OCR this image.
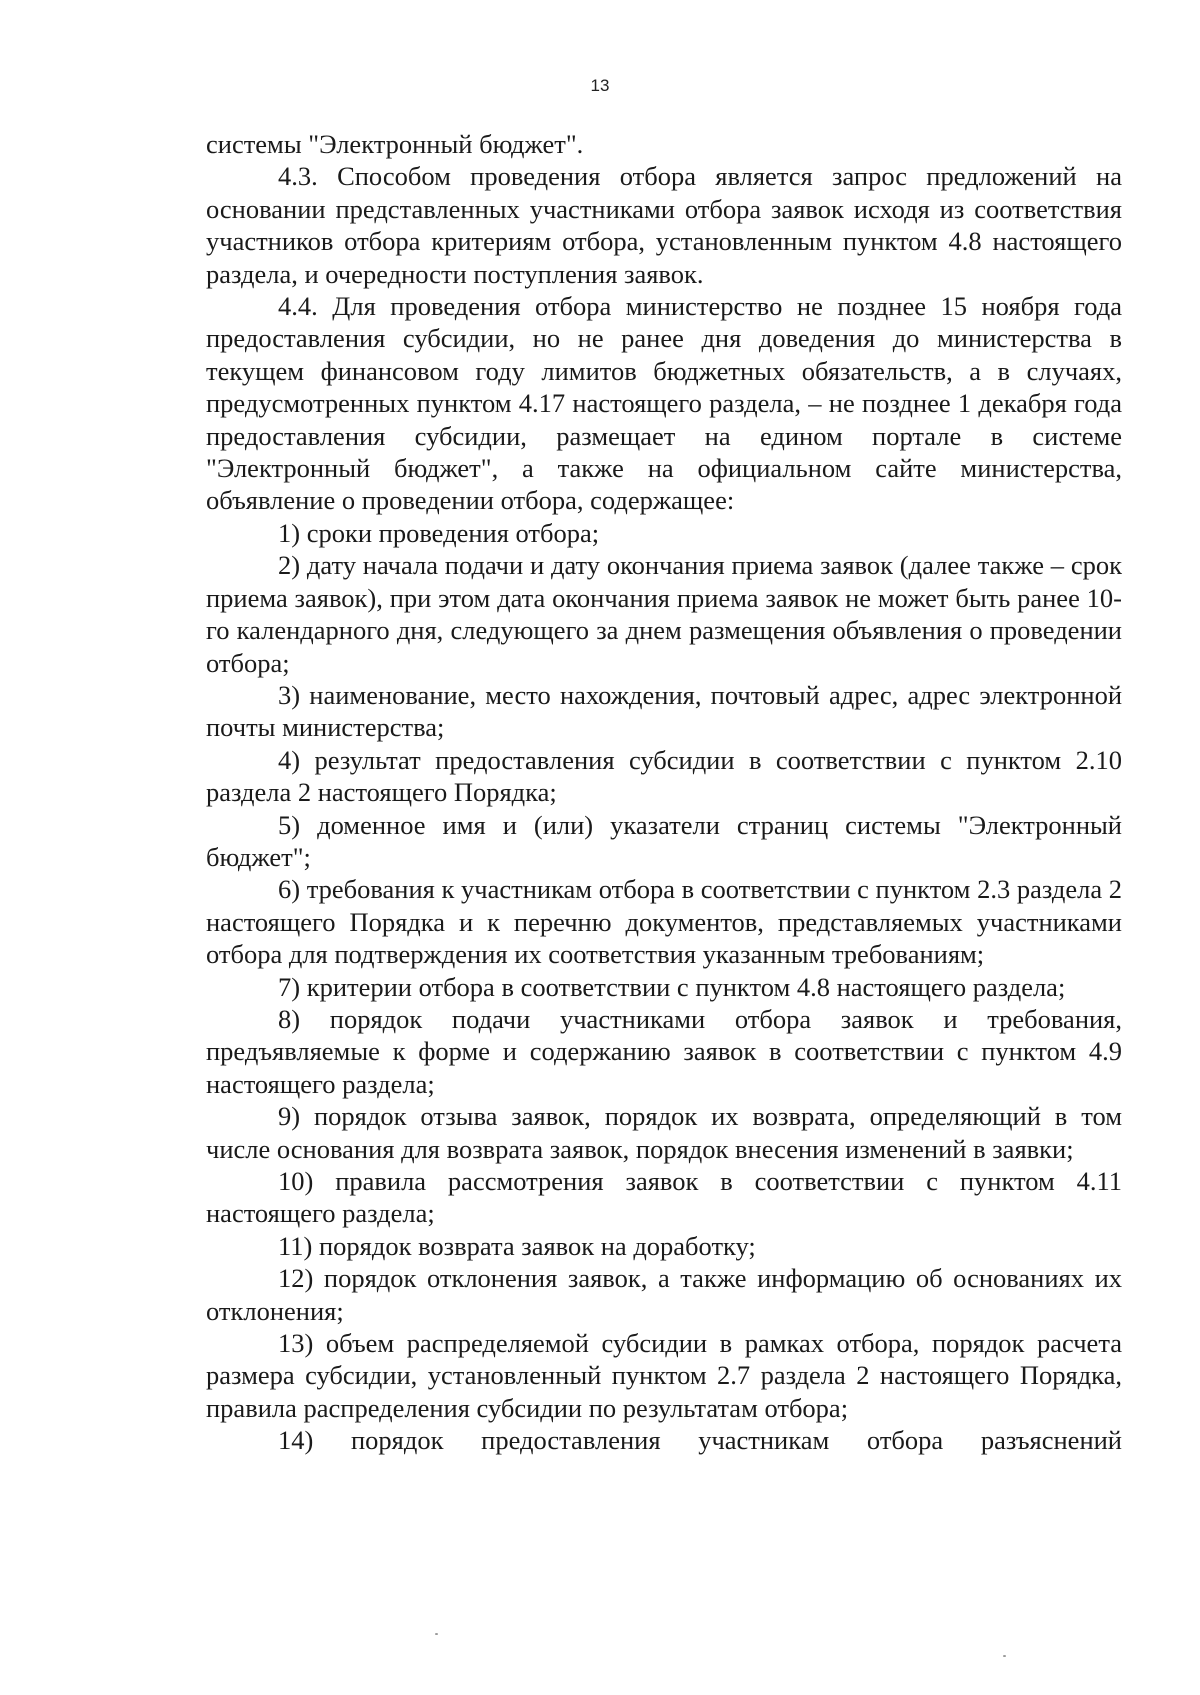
13

системы "Электронный бюджет".

4.3. Способом проведения отбора является запрос предложений на основании представленных участниками отбора заявок исходя из соответствия участников отбора критериям отбора, установленным пунктом 4.8 настоящего раздела, и очередности поступления заявок.

4.4. Для проведения отбора министерство не позднее 15 ноября года предоставления субсидии, но не ранее дня доведения до министерства в текущем финансовом году лимитов бюджетных обязательств, а в случаях, предусмотренных пунктом 4.17 настоящего раздела, – не позднее 1 декабря года предоставления субсидии, размещает на едином портале в системе "Электронный бюджет", а также на официальном сайте министерства, объявление о проведении отбора, содержащее:

1) сроки проведения отбора;

2) дату начала подачи и дату окончания приема заявок (далее также – срок приема заявок), при этом дата окончания приема заявок не может быть ранее 10-го календарного дня, следующего за днем размещения объявления о проведении отбора;

3) наименование, место нахождения, почтовый адрес, адрес электронной почты министерства;

4) результат предоставления субсидии в соответствии с пунктом 2.10 раздела 2 настоящего Порядка;

5) доменное имя и (или) указатели страниц системы "Электронный бюджет";

6) требования к участникам отбора в соответствии с пунктом 2.3 раздела 2 настоящего Порядка и к перечню документов, представляемых участниками отбора для подтверждения их соответствия указанным требованиям;

7) критерии отбора в соответствии с пунктом 4.8 настоящего раздела;

8) порядок подачи участниками отбора заявок и требования, предъявляемые к форме и содержанию заявок в соответствии с пунктом 4.9 настоящего раздела;

9) порядок отзыва заявок, порядок их возврата, определяющий в том числе основания для возврата заявок, порядок внесения изменений в заявки;

10) правила рассмотрения заявок в соответствии с пунктом 4.11 настоящего раздела;

11) порядок возврата заявок на доработку;

12) порядок отклонения заявок, а также информацию об основаниях их отклонения;

13) объем распределяемой субсидии в рамках отбора, порядок расчета размера субсидии, установленный пунктом 2.7 раздела 2 настоящего Порядка, правила распределения субсидии по результатам отбора;

14) порядок предоставления участникам отбора разъяснений
